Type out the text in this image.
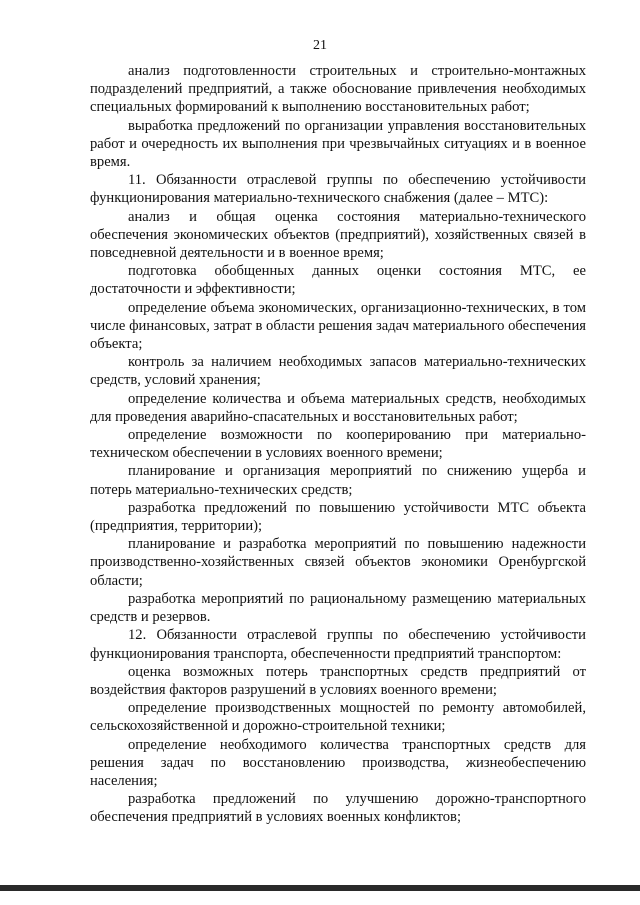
21

анализ подготовленности строительных и строительно-монтажных подразделений предприятий, а также обоснование привлечения необходимых специальных формирований к выполнению восстановительных работ;

выработка предложений по организации управления восстановительных работ и очередность их выполнения при чрезвычайных ситуациях и в военное время.

11. Обязанности отраслевой группы по обеспечению устойчивости функционирования материально-технического снабжения (далее – МТС):

анализ и общая оценка состояния материально-технического обеспечения экономических объектов (предприятий), хозяйственных связей в повседневной деятельности и в военное время;

подготовка обобщенных данных оценки состояния МТС, ее достаточности и эффективности;

определение объема экономических, организационно-технических, в том числе финансовых, затрат в области решения задач материального обеспечения объекта;

контроль за наличием необходимых запасов материально-технических средств, условий хранения;

определение количества и объема материальных средств, необходимых для проведения аварийно-спасательных и восстановительных работ;

определение возможности по кооперированию при материально-техническом обеспечении в условиях военного времени;

планирование и организация мероприятий по снижению ущерба и потерь материально-технических средств;

разработка предложений по повышению устойчивости МТС объекта (предприятия, территории);

планирование и разработка мероприятий по повышению надежности производственно-хозяйственных связей объектов экономики Оренбургской области;

разработка мероприятий по рациональному размещению материальных средств и резервов.

12. Обязанности отраслевой группы по обеспечению устойчивости функционирования транспорта, обеспеченности предприятий транспортом:

оценка возможных потерь транспортных средств предприятий от воздействия факторов разрушений в условиях военного времени;

определение производственных мощностей по ремонту автомобилей, сельскохозяйственной и дорожно-строительной техники;

определение необходимого количества транспортных средств для решения задач по восстановлению производства, жизнеобеспечению населения;

разработка предложений по улучшению дорожно-транспортного обеспечения предприятий в условиях военных конфликтов;
